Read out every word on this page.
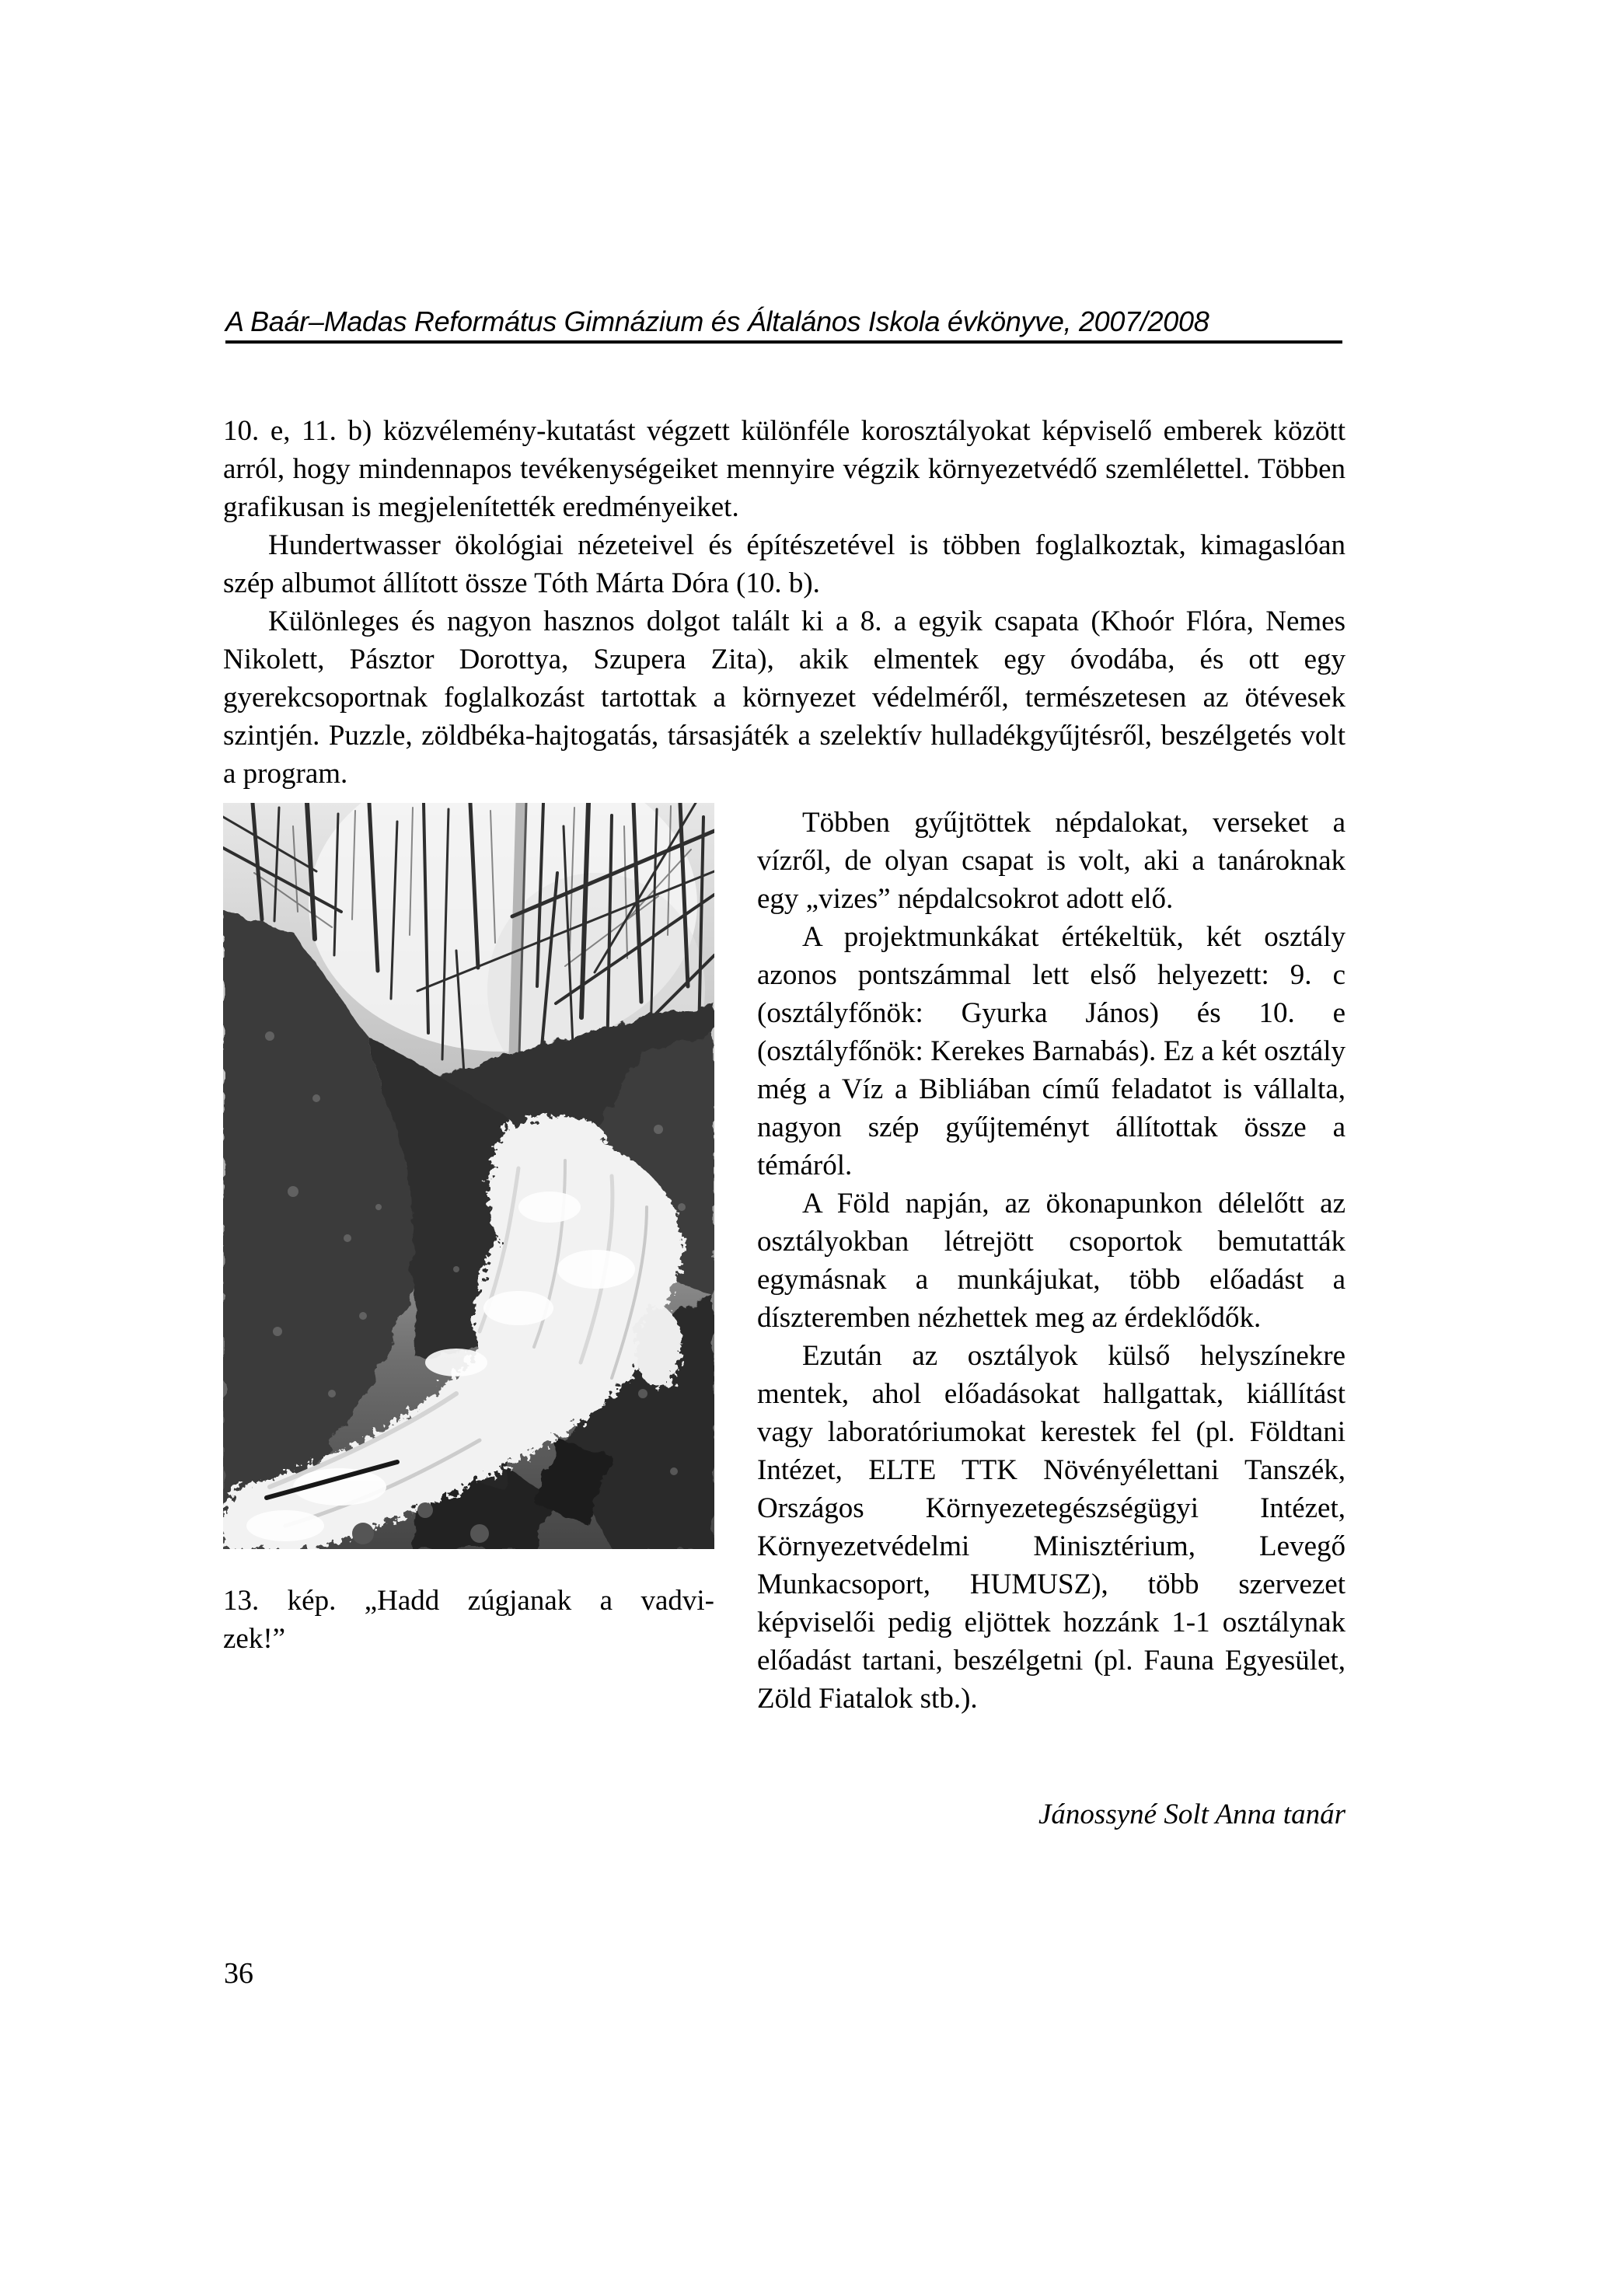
A Baár–Madas Református Gimnázium és Általános Iskola évkönyve, 2007/2008

10. e, 11. b) közvélemény-kutatást végzett különféle korosztályokat képviselő emberek között arról, hogy mindennapos tevékenységeiket mennyire végzik környezetvédő szemlélettel. Többen grafikusan is megjelenítették eredményeiket.

Hundertwasser ökológiai nézeteivel és építészetével is többen foglalkoztak, kimagaslóan szép albumot állított össze Tóth Márta Dóra (10. b).

Különleges és nagyon hasznos dolgot talált ki a 8. a egyik csapata (Khoór Flóra, Nemes Nikolett, Pásztor Dorottya, Szupera Zita), akik elmentek egy óvodába, és ott egy gyerekcsoportnak foglalkozást tartottak a környezet védelméről, természetesen az ötévesek szintjén. Puzzle, zöldbéka-hajtogatás, társasjáték a szelektív hulladékgyűjtésről, beszélgetés volt a program.

13. kép. „Hadd zúgjanak a vadvi-
zek!”

Többen gyűjtöttek népdalokat, verseket a vízről, de olyan csapat is volt, aki a tanároknak egy „vizes” népdalcsokrot adott elő.

A projektmunkákat értékeltük, két osztály azonos pontszámmal lett első helyezett: 9. c (osztályfőnök: Gyurka János) és 10. e (osztályfőnök: Kerekes Barnabás). Ez a két osztály még a Víz a Bibliában című feladatot is vállalta, nagyon szép gyűjteményt állítottak össze a témáról.

A Föld napján, az ökonapunkon délelőtt az osztályokban létrejött csoportok bemutatták egymásnak a munkájukat, több előadást a díszteremben nézhettek meg az érdeklődők.

Ezután az osztályok külső helyszínekre mentek, ahol előadásokat hallgattak, kiállítást vagy laboratóriumokat kerestek fel (pl. Földtani Intézet, ELTE TTK Növényélettani Tanszék, Országos Környezetegészségügyi Intézet, Környezetvédelmi Minisztérium, Levegő Munkacsoport, HUMUSZ), több szervezet képviselői pedig eljöttek hozzánk 1-1 osztálynak előadást tartani, beszélgetni (pl. Fauna Egyesület, Zöld Fiatalok stb.).

Jánossyné Solt Anna tanár
36
